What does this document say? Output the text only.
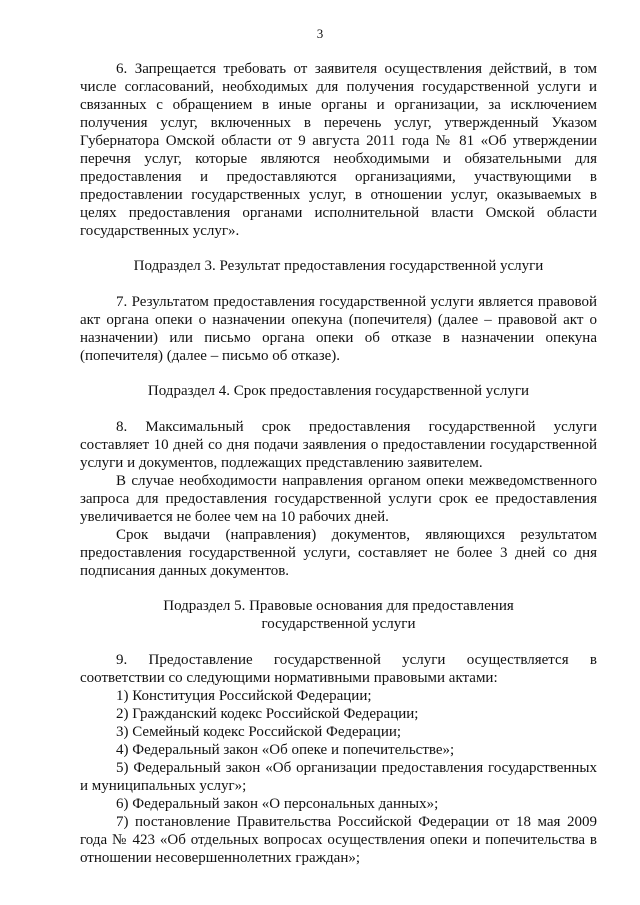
3

6. Запрещается требовать от заявителя осуществления действий, в том числе согласований, необходимых для получения государственной услуги и связанных с обращением в иные органы и организации, за исключением получения услуг, включенных в перечень услуг, утвержденный Указом Губернатора Омской области от 9 августа 2011 года № 81 «Об утверждении перечня услуг, которые являются необходимыми и обязательными для предоставления и предоставляются организациями, участвующими в предоставлении государственных услуг, в отношении услуг, оказываемых в целях предоставления органами исполнительной власти Омской области государственных услуг».

Подраздел 3. Результат предоставления государственной услуги

7. Результатом предоставления государственной услуги является правовой акт органа опеки о назначении опекуна (попечителя) (далее – правовой акт о назначении) или письмо органа опеки об отказе в назначении опекуна (попечителя) (далее – письмо об отказе).

Подраздел 4. Срок предоставления государственной услуги

8. Максимальный срок предоставления государственной услуги составляет 10 дней со дня подачи заявления о предоставлении государственной услуги и документов, подлежащих представлению заявителем.

В случае необходимости направления органом опеки межведомственного запроса для предоставления государственной услуги срок ее предоставления увеличивается не более чем на 10 рабочих дней.

Срок выдачи (направления) документов, являющихся результатом предоставления государственной услуги, составляет не более 3 дней со дня подписания данных документов.

Подраздел 5. Правовые основания для предоставления

государственной услуги

9. Предоставление государственной услуги осуществляется в соответствии со следующими нормативными правовыми актами:

1) Конституция Российской Федерации;

2) Гражданский кодекс Российской Федерации;

3) Семейный кодекс Российской Федерации;

4) Федеральный закон «Об опеке и попечительстве»;

5) Федеральный закон «Об организации предоставления государственных и муниципальных услуг»;

6) Федеральный закон «О персональных данных»;

7) постановление Правительства Российской Федерации от 18 мая 2009 года № 423 «Об отдельных вопросах осуществления опеки и попечительства в отношении несовершеннолетних граждан»;
